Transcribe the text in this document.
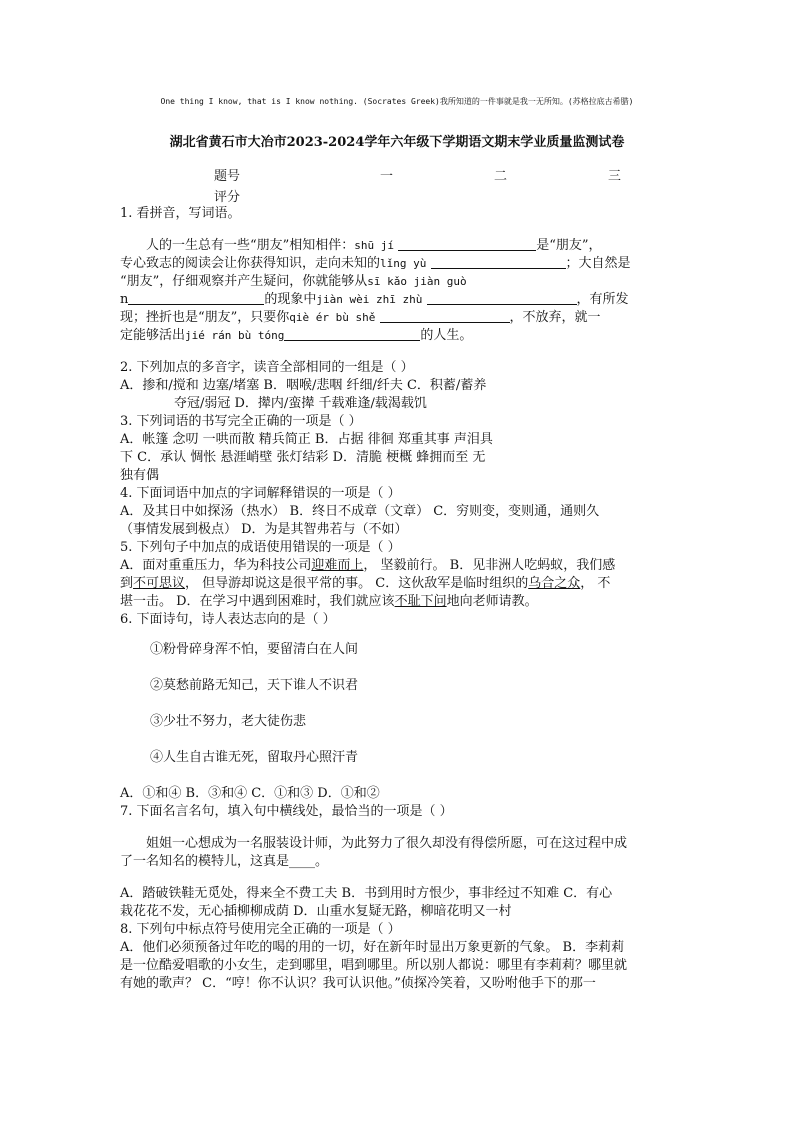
One thing I know, that is I know nothing. (Socrates Greek)我所知道的一件事就是我一无所知。(苏格拉底古希腊)
湖北省黄石市大冶市2023-2024学年六年级下学期语文期末学业质量监测试卷
题号	一	二	三
评分

1. 看拼音，写词语。

人的一生总有一些“朋友”相知相伴：shū jí	是“朋友”，

专心致志的阅读会让你获得知识，走向未知的lǐng yù	；大自然是

“朋友”，仔细观察并产生疑问，你就能够从sī kǎo jiàn guò

n	的现象中jiàn wèi zhī zhù	，有所发

现；挫折也是“朋友”，只要你qiè ér bù shě	，不放弃，就一

定能够活出jié rán bù tóng	的人生。

2. 下列加点的多音字，读音全部相同的一组是（ ）

A．掺和/搅和 边塞/堵塞 B．咽喉/悲咽 纤细/纤夫 C．积蓄/蓄养

夺冠/弱冠 D．撵内/蛮撵 千载难逢/载渴载饥

3. 下列词语的书写完全正确的一项是（ ）

A．帐篷 念叨 一哄而散 精兵简正 B．占据 徘徊 郑重其事 声泪具

下 C．承认 惆怅 悬涯峭壁 张灯结彩 D．清脆 梗概 蜂拥而至 无

独有偶

4. 下面词语中加点的字词解释错误的一项是（ ）

A．及其日中如探汤（热水） B．终日不成章（文章） C．穷则变，变则通，通则久

（事情发展到极点） D．为是其智弗若与（不如）

5. 下列句子中加点的成语使用错误的一项是（ ）

A．面对重重压力，华为科技公司迎难而上， 坚毅前行。 B．见非洲人吃蚂蚁，我们感

到不可思议， 但导游却说这是很平常的事。 C．这伙敌军是临时组织的乌合之众， 不

堪一击。 D．在学习中遇到困难时，我们就应该不耻下问地向老师请教。

6. 下面诗句，诗人表达志向的是（ ）

①粉骨碎身浑不怕，要留清白在人间

②莫愁前路无知己，天下谁人不识君

③少壮不努力，老大徒伤悲

④人生自古谁无死，留取丹心照汗青

A．①和④ B．③和④ C．①和③ D．①和②

7. 下面名言名句，填入句中横线处，最恰当的一项是（ ）

姐姐一心想成为一名服装设计师，为此努力了很久却没有得偿所愿，可在这过程中成

了一名知名的模特儿，这真是____。

A．踏破铁鞋无觅处，得来全不费工夫 B．书到用时方恨少，事非经过不知难 C．有心

栽花花不发，无心插柳柳成荫 D．山重水复疑无路，柳暗花明又一村

8. 下列句中标点符号使用完全正确的一项是（ ）

A．他们必须预备过年吃的喝的用的一切，好在新年时显出万象更新的气象。 B．李莉莉

是一位酷爱唱歌的小女生，走到哪里，唱到哪里。所以别人都说：哪里有李莉莉？哪里就

有她的歌声？ C．“哼！你不认识？我可认识他。”侦探冷笑着，又吩咐他手下的那一
